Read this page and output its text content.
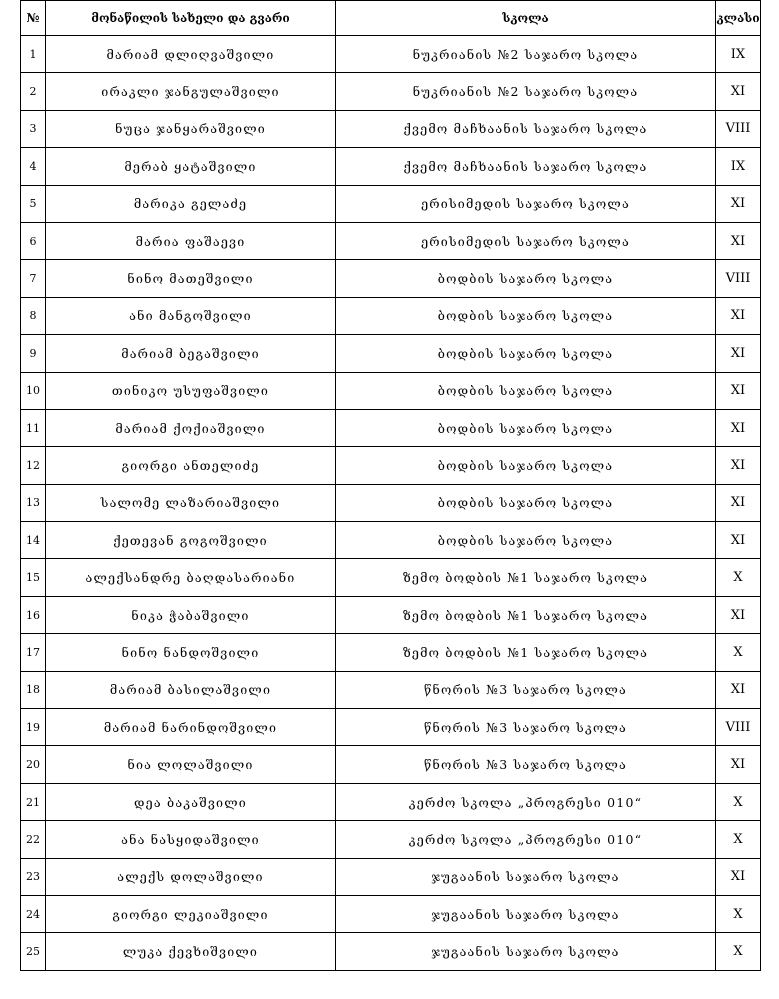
№	მონაწილის სახელი და გვარი	სკოლა	კლასი
1	მარიამ დლიღვაშვილი	ნუკრიანის №2 საჯარო სკოლა	IX
2	ირაკლი ჯანგულაშვილი	ნუკრიანის №2 საჯარო სკოლა	XI
3	ნუცა ჯანყარაშვილი	ქვემო მაჩხაანის საჯარო სკოლა	VIII
4	მერაბ ყატაშვილი	ქვემო მაჩხაანის საჯარო სკოლა	IX
5	მარიკა გელაძე	ერისიმედის საჯარო სკოლა	XI
6	მარია ფაშაევი	ერისიმედის საჯარო სკოლა	XI
7	ნინო მათეშვილი	ბოდბის საჯარო სკოლა	VIII
8	ანი მანგოშვილი	ბოდბის საჯარო სკოლა	XI
9	მარიამ ბეგაშვილი	ბოდბის საჯარო სკოლა	XI
10	თინიკო უსუფაშვილი	ბოდბის საჯარო სკოლა	XI
11	მარიამ ქოქიაშვილი	ბოდბის საჯარო სკოლა	XI
12	გიორგი ანთელიძე	ბოდბის საჯარო სკოლა	XI
13	სალომე ლაზარიაშვილი	ბოდბის საჯარო სკოლა	XI
14	ქეთევან გოგოშვილი	ბოდბის საჯარო სკოლა	XI
15	ალექსანდრე ბაღდასარიანი	ზემო ბოდბის №1 საჯარო სკოლა	X
16	ნიკა ჭაბაშვილი	ზემო ბოდბის №1 საჯარო სკოლა	XI
17	ნინო ნანდოშვილი	ზემო ბოდბის №1 საჯარო სკოლა	X
18	მარიამ ბასილაშვილი	წნორის №3 საჯარო სკოლა	XI
19	მარიამ ნარინდოშვილი	წნორის №3 საჯარო სკოლა	VIII
20	ნია ლოლაშვილი	წნორის №3 საჯარო სკოლა	XI
21	დეა ბაკაშვილი	კერძო სკოლა „პროგრესი 010“	X
22	ანა ნასყიდაშვილი	კერძო სკოლა „პროგრესი 010“	X
23	ალექს დოლაშვილი	ჯუგაანის საჯარო სკოლა	XI
24	გიორგი ლეკიაშვილი	ჯუგაანის საჯარო სკოლა	X
25	ლუკა ქევხიშვილი	ჯუგაანის საჯარო სკოლა	X
